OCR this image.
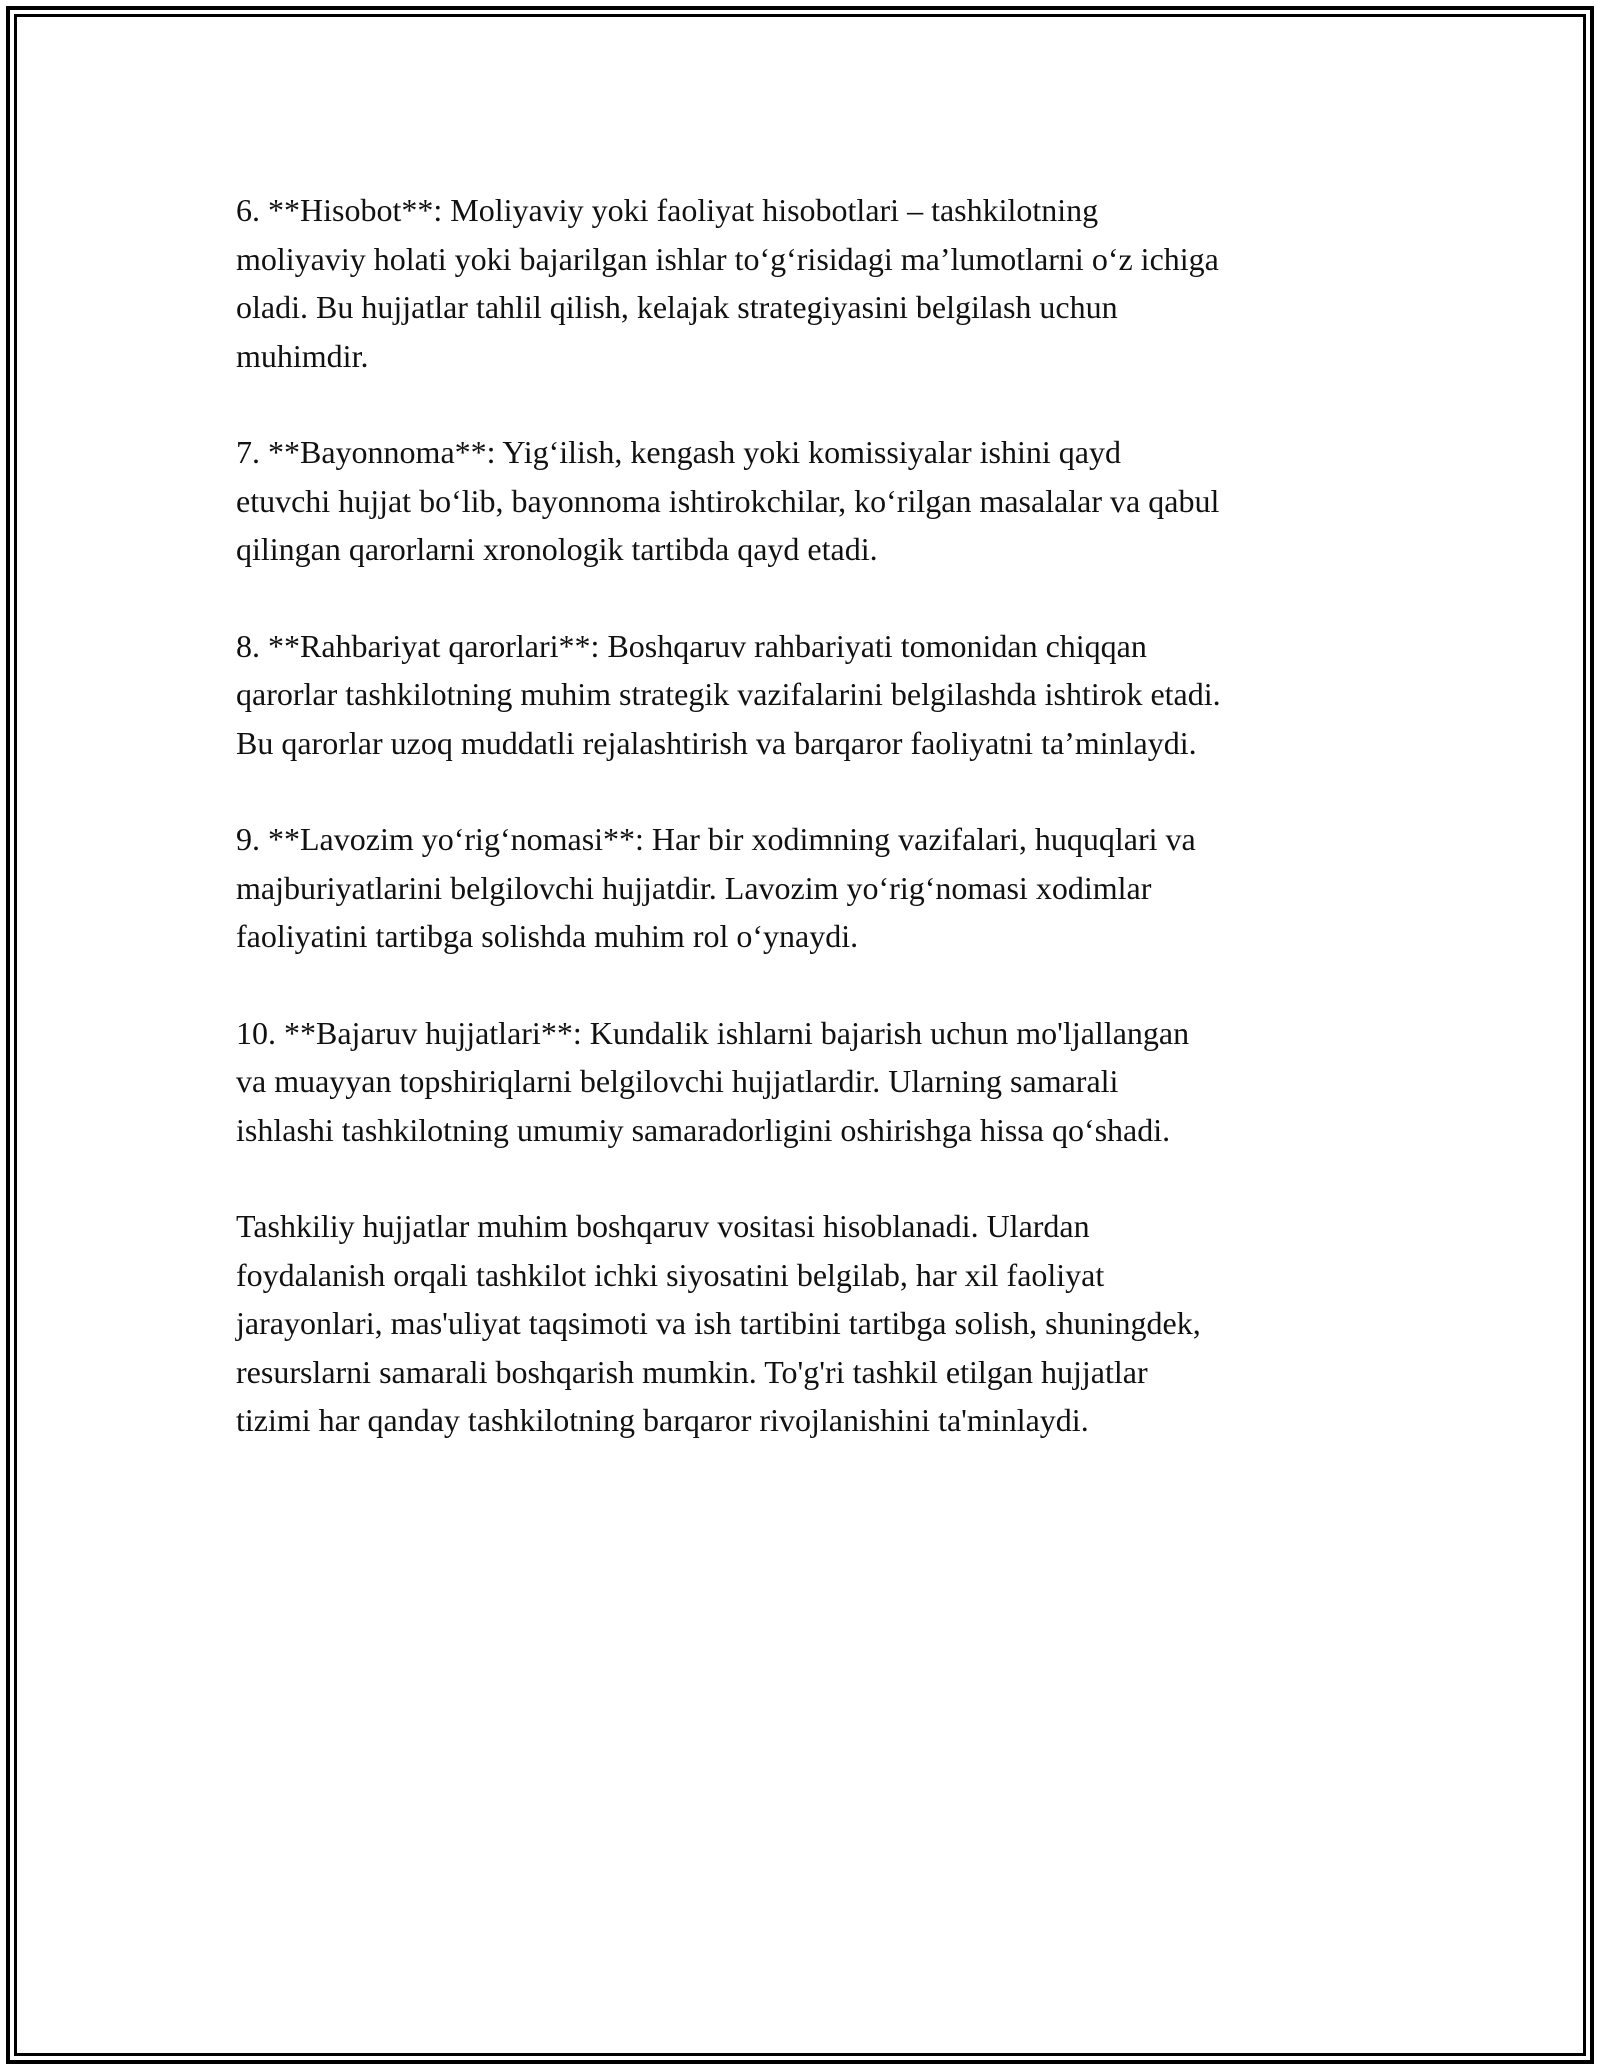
6. **Hisobot**: Moliyaviy yoki faoliyat hisobotlari – tashkilotning
moliyaviy holati yoki bajarilgan ishlar to‘g‘risidagi ma’lumotlarni o‘z ichiga
oladi. Bu hujjatlar tahlil qilish, kelajak strategiyasini belgilash uchun
muhimdir.

7. **Bayonnoma**: Yig‘ilish, kengash yoki komissiyalar ishini qayd
etuvchi hujjat bo‘lib, bayonnoma ishtirokchilar, ko‘rilgan masalalar va qabul
qilingan qarorlarni xronologik tartibda qayd etadi.

8. **Rahbariyat qarorlari**: Boshqaruv rahbariyati tomonidan chiqqan
qarorlar tashkilotning muhim strategik vazifalarini belgilashda ishtirok etadi.
Bu qarorlar uzoq muddatli rejalashtirish va barqaror faoliyatni ta’minlaydi.

9. **Lavozim yo‘rig‘nomasi**: Har bir xodimning vazifalari, huquqlari va
majburiyatlarini belgilovchi hujjatdir. Lavozim yo‘rig‘nomasi xodimlar
faoliyatini tartibga solishda muhim rol o‘ynaydi.

10. **Bajaruv hujjatlari**: Kundalik ishlarni bajarish uchun mo'ljallangan
va muayyan topshiriqlarni belgilovchi hujjatlardir. Ularning samarali
ishlashi tashkilotning umumiy samaradorligini oshirishga hissa qo‘shadi.

Tashkiliy hujjatlar muhim boshqaruv vositasi hisoblanadi. Ulardan
foydalanish orqali tashkilot ichki siyosatini belgilab, har xil faoliyat
jarayonlari, mas'uliyat taqsimoti va ish tartibini tartibga solish, shuningdek,
resurslarni samarali boshqarish mumkin. To'g'ri tashkil etilgan hujjatlar
tizimi har qanday tashkilotning barqaror rivojlanishini ta'minlaydi.
